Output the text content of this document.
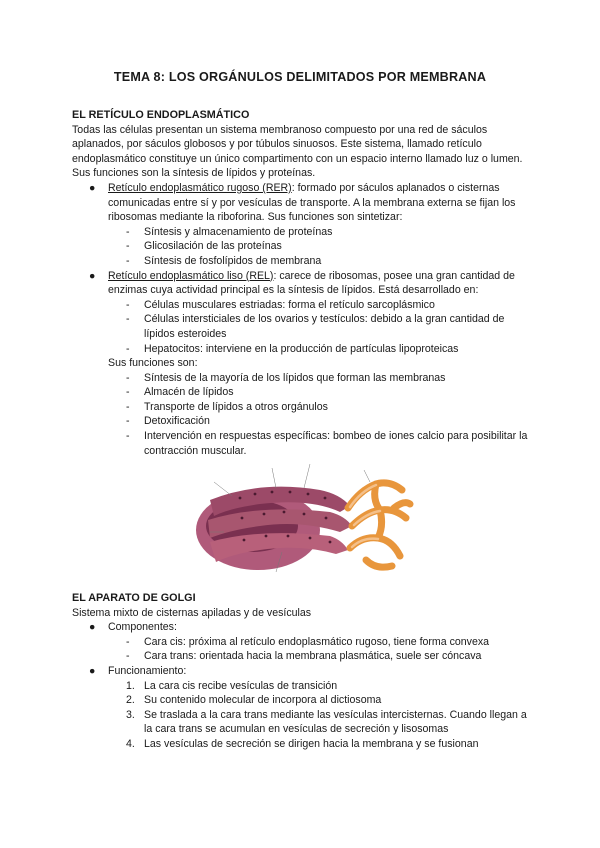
TEMA 8: LOS ORGÁNULOS DELIMITADOS POR MEMBRANA

EL RETÍCULO ENDOPLASMÁTICO

Todas las células presentan un sistema membranoso compuesto por una red de sáculos aplanados, por sáculos globosos y por túbulos sinuosos. Este sistema, llamado retículo endoplasmático constituye un único compartimento con un espacio interno llamado luz o lumen. Sus funciones son la síntesis de lípidos y proteínas.

● Retículo endoplasmático rugoso (RER): formado por sáculos aplanados o cisternas comunicadas entre sí y por vesículas de transporte. A la membrana externa se fijan los ribosomas mediante la riboforina. Sus funciones son sintetizar:
- Síntesis y almacenamiento de proteínas
- Glicosilación de las proteínas
- Síntesis de fosfolípidos de membrana
● Retículo endoplasmático liso (REL): carece de ribosomas, posee una gran cantidad de enzimas cuya actividad principal es la síntesis de lípidos. Está desarrollado en:
- Células musculares estriadas: forma el retículo sarcoplásmico
- Células intersticiales de los ovarios y testículos: debido a la gran cantidad de lípidos esteroides
- Hepatocitos: interviene en la producción de partículas lipoproteicas

Sus funciones son:

- Síntesis de la mayoría de los lípidos que forman las membranas
- Almacén de lípidos
- Transporte de lípidos a otros orgánulos
- Detoxificación
- Intervención en respuestas específicas: bombeo de iones calcio para posibilitar la contracción muscular.

EL APARATO DE GOLGI

Sistema mixto de cisternas apiladas y de vesículas

● Componentes:
- Cara cis: próxima al retículo endoplasmático rugoso, tiene forma convexa
- Cara trans: orientada hacia la membrana plasmática, suele ser cóncava
● Funcionamiento:
1. La cara cis recibe vesículas de transición
2. Su contenido molecular de incorpora al dictiosoma
3. Se traslada a la cara trans mediante las vesículas intercisternas. Cuando llegan a la cara trans se acumulan en vesículas de secreción y lisosomas
4. Las vesículas de secreción se dirigen hacia la membrana y se fusionan
